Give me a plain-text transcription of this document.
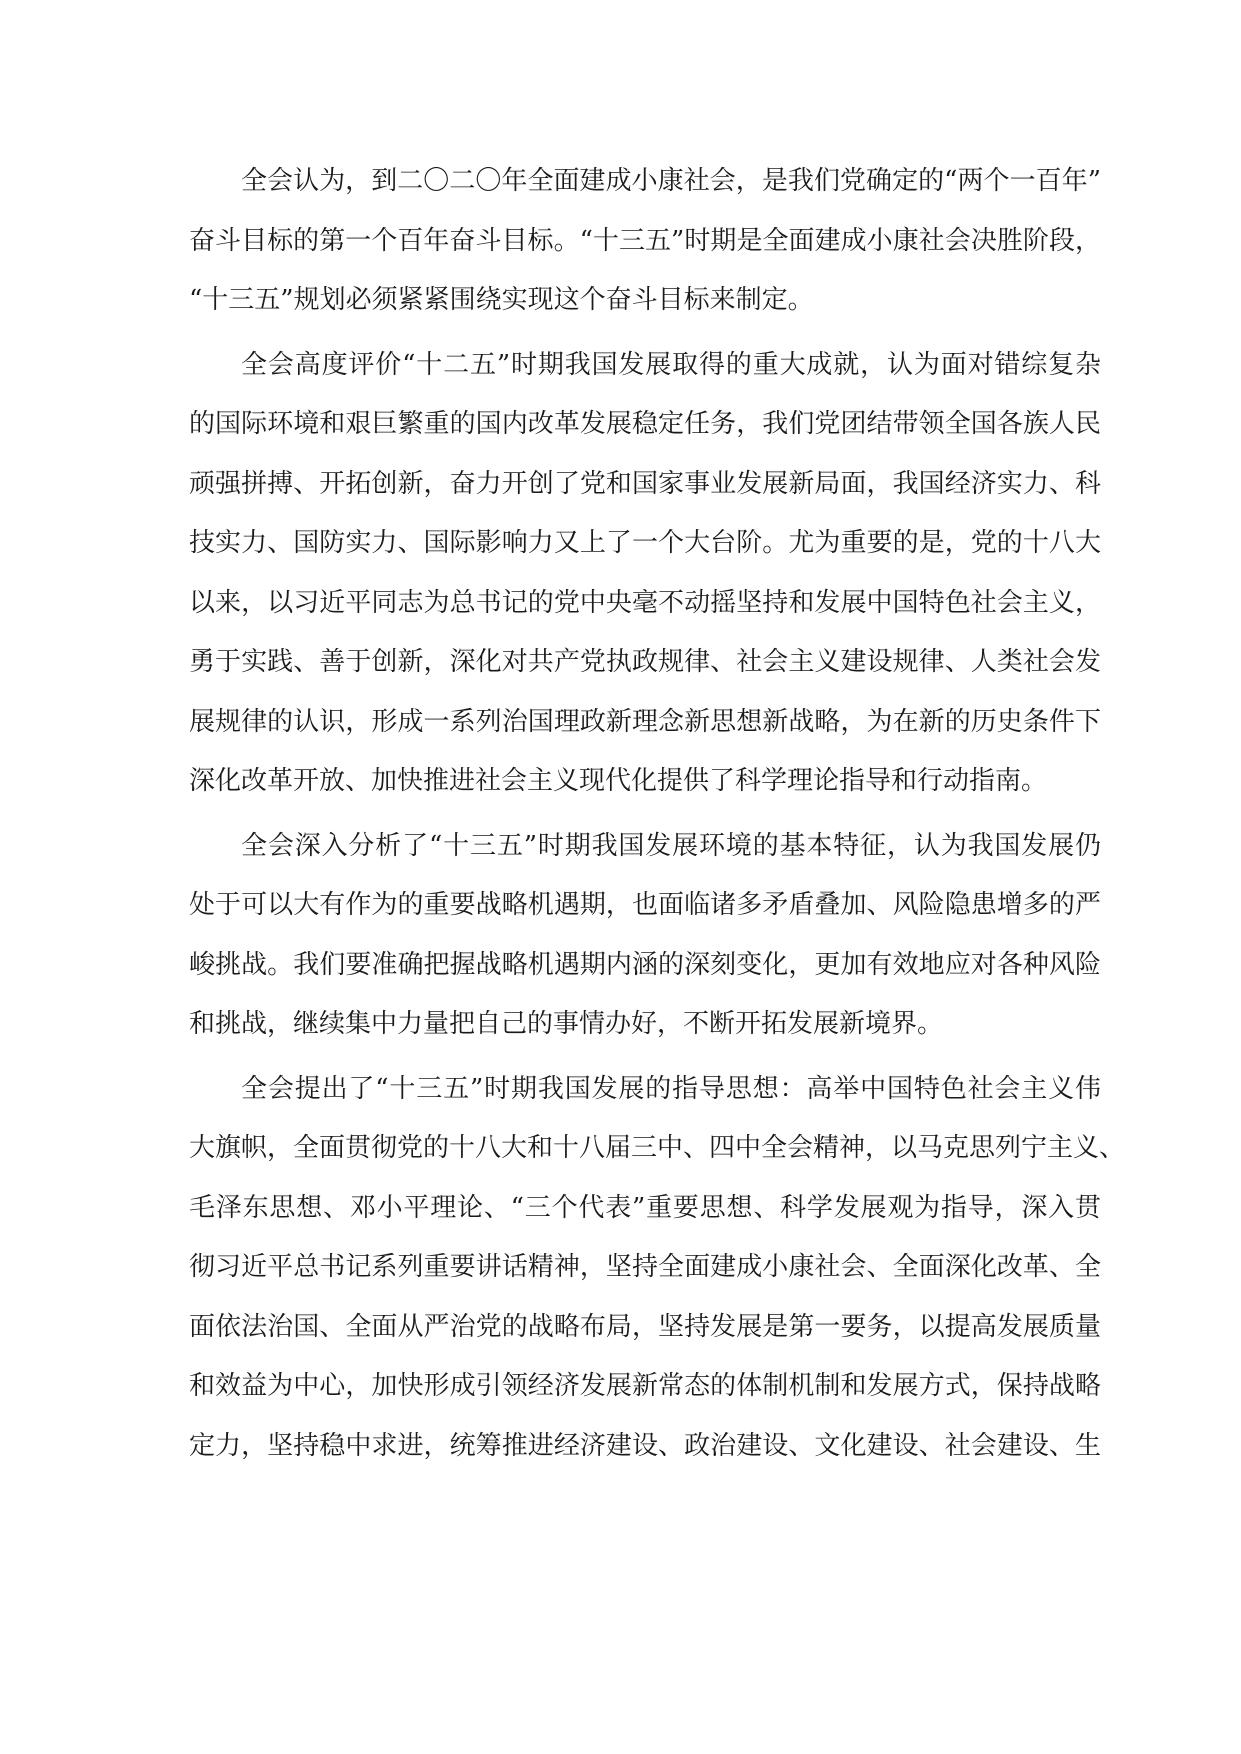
全会认为，到二〇二〇年全面建成小康社会，是我们党确定的“两个一百年”
奋斗目标的第一个百年奋斗目标。“十三五”时期是全面建成小康社会决胜阶段，
“十三五”规划必须紧紧围绕实现这个奋斗目标来制定。

全会高度评价“十二五”时期我国发展取得的重大成就，认为面对错综复杂
的国际环境和艰巨繁重的国内改革发展稳定任务，我们党团结带领全国各族人民
顽强拼搏、开拓创新，奋力开创了党和国家事业发展新局面，我国经济实力、科
技实力、国防实力、国际影响力又上了一个大台阶。尤为重要的是，党的十八大
以来，以习近平同志为总书记的党中央毫不动摇坚持和发展中国特色社会主义，
勇于实践、善于创新，深化对共产党执政规律、社会主义建设规律、人类社会发
展规律的认识，形成一系列治国理政新理念新思想新战略，为在新的历史条件下
深化改革开放、加快推进社会主义现代化提供了科学理论指导和行动指南。

全会深入分析了“十三五”时期我国发展环境的基本特征，认为我国发展仍
处于可以大有作为的重要战略机遇期，也面临诸多矛盾叠加、风险隐患增多的严
峻挑战。我们要准确把握战略机遇期内涵的深刻变化，更加有效地应对各种风险
和挑战，继续集中力量把自己的事情办好，不断开拓发展新境界。

全会提出了“十三五”时期我国发展的指导思想：高举中国特色社会主义伟
大旗帜，全面贯彻党的十八大和十八届三中、四中全会精神，以马克思列宁主义、
毛泽东思想、邓小平理论、“三个代表”重要思想、科学发展观为指导，深入贯
彻习近平总书记系列重要讲话精神，坚持全面建成小康社会、全面深化改革、全
面依法治国、全面从严治党的战略布局，坚持发展是第一要务，以提高发展质量
和效益为中心，加快形成引领经济发展新常态的体制机制和发展方式，保持战略
定力，坚持稳中求进，统筹推进经济建设、政治建设、文化建设、社会建设、生
